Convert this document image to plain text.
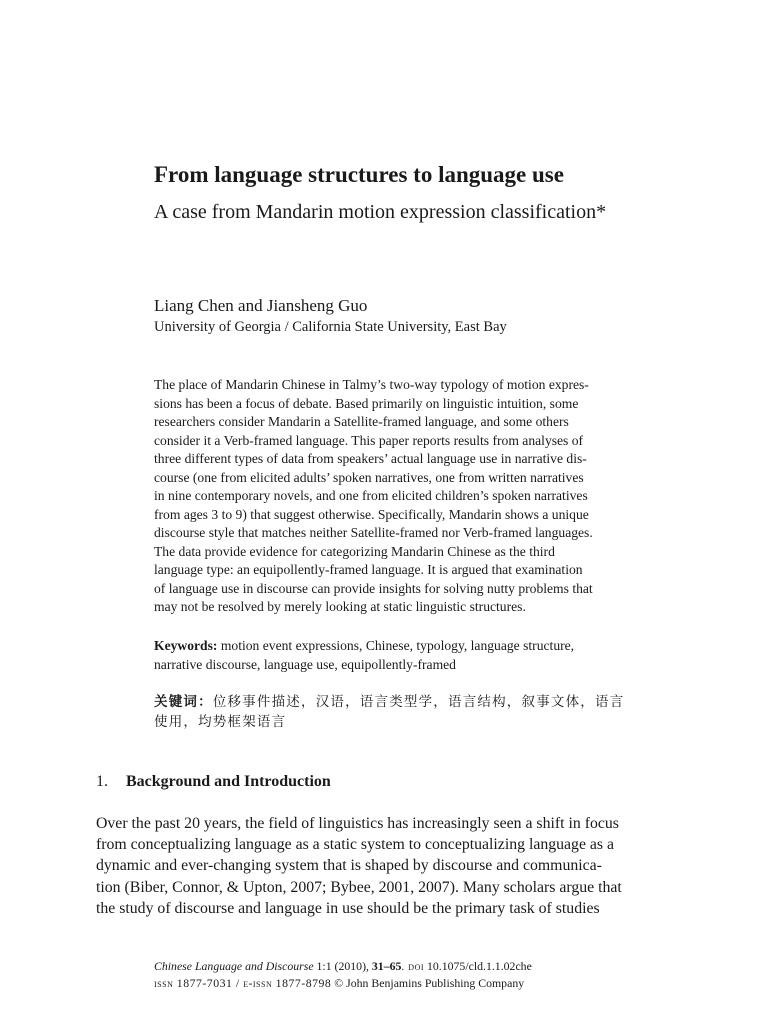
From language structures to language use
A case from Mandarin motion expression classification*

Liang Chen and Jiansheng Guo

University of Georgia / California State University, East Bay

The place of Mandarin Chinese in Talmy’s two-way typology of motion expres-
sions has been a focus of debate. Based primarily on linguistic intuition, some
researchers consider Mandarin a Satellite-framed language, and some others
consider it a Verb-framed language. This paper reports results from analyses of
three different types of data from speakers’ actual language use in narrative dis-
course (one from elicited adults’ spoken narratives, one from written narratives
in nine contemporary novels, and one from elicited children’s spoken narratives
from ages 3 to 9) that suggest otherwise. Specifically, Mandarin shows a unique
discourse style that matches neither Satellite-framed nor Verb-framed languages.
The data provide evidence for categorizing Mandarin Chinese as the third
language type: an equipollently-framed language. It is argued that examination
of language use in discourse can provide insights for solving nutty problems that
may not be resolved by merely looking at static linguistic structures.

Keywords: motion event expressions, Chinese, typology, language structure,
narrative discourse, language use, equipollently-framed

关键词：位移事件描述，汉语，语言类型学，语言结构，叙事文体，语言
使用，均势框架语言

1. Background and Introduction

Over the past 20 years, the field of linguistics has increasingly seen a shift in focus
from conceptualizing language as a static system to conceptualizing language as a
dynamic and ever-changing system that is shaped by discourse and communica-
tion (Biber, Connor, & Upton, 2007; Bybee, 2001, 2007). Many scholars argue that
the study of discourse and language in use should be the primary task of studies

Chinese Language and Discourse 1:1 (2010), 31–65. doi 10.1075/cld.1.1.02che
issn 1877-7031 / e-issn 1877-8798 © John Benjamins Publishing Company
